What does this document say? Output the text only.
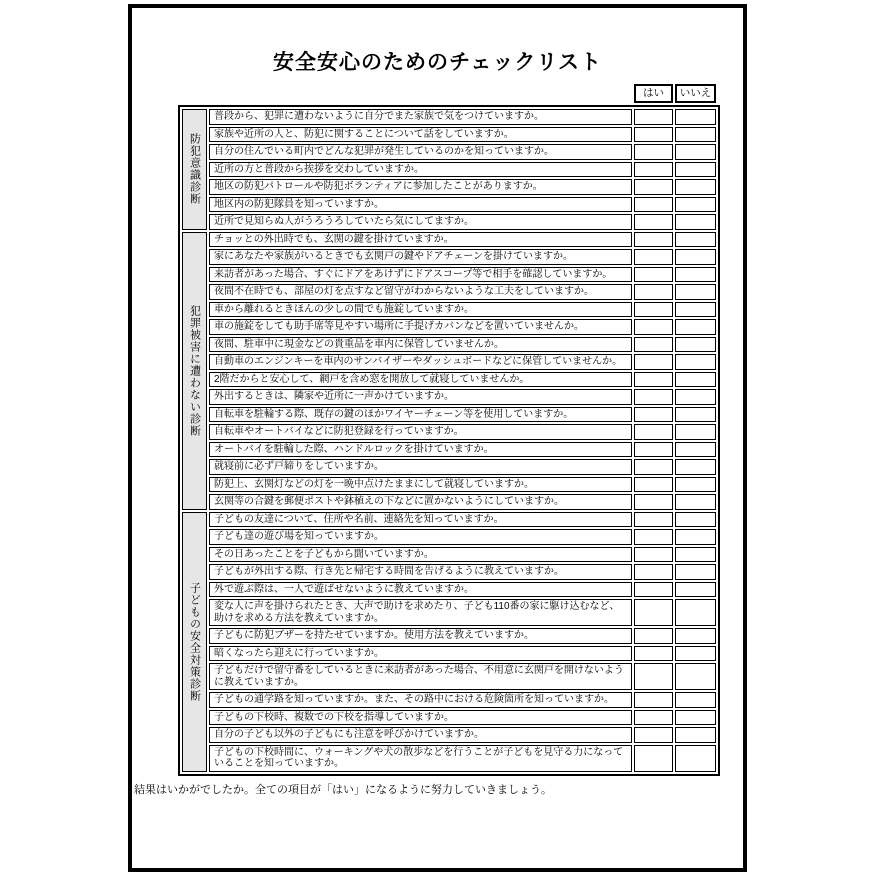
安全安心のためのチェックリスト
		はい	いいえ
防犯意識診断	普段から、犯罪に遭わないように自分でまた家族で気をつけていますか。		
	家族や近所の人と、防犯に関することについて話をしていますか。		
	自分の住んでいる町内でどんな犯罪が発生しているのかを知っていますか。		
	近所の方と普段から挨拶を交わしていますか。		
	地区の防犯パトロールや防犯ボランティアに参加したことがありますか。		
	地区内の防犯隊員を知っていますか。		
	近所で見知らぬ人がうろうろしていたら気にしてますか。		
犯罪被害に遭わない診断	チョッとの外出時でも、玄関の鍵を掛けていますか。		
	家にあなたや家族がいるときでも玄関戸の鍵やドアチェーンを掛けていますか。		
	来訪者があった場合、すぐにドアをあけずにドアスコープ等で相手を確認していますか。		
	夜間不在時でも、部屋の灯を点すなど留守がわからないような工夫をしていますか。		
	車から離れるときほんの少しの間でも施錠していますか。		
	車の施錠をしても助手席等見やすい場所に手提げカバンなどを置いていませんか。		
	夜間、駐車中に現金などの貴重品を車内に保管していませんか。		
	自動車のエンジンキーを車内のサンバイザーやダッシュボードなどに保管していませんか。		
	2階だからと安心して、網戸を含め窓を開放して就寝していませんか。		
	外出するときは、隣家や近所に一声かけていますか。		
	自転車を駐輪する際、既存の鍵のほかワイヤーチェーン等を使用していますか。		
	自転車やオートバイなどに防犯登録を行っていますか。		
	オートバイを駐輪した際、ハンドルロックを掛けていますか。		
	就寝前に必ず戸締りをしていますか。		
	防犯上、玄関灯などの灯を一晩中点けたままにして就寝していますか。		
	玄関等の合鍵を郵便ポストや鉢植えの下などに置かないようにしていますか。		
子どもの安全対策診断	子どもの友達について、住所や名前、連絡先を知っていますか。		
	子ども達の遊び場を知っていますか。		
	その日あったことを子どもから聞いていますか。		
	子どもが外出する際、行き先と帰宅する時間を告げるように教えていますか。		
	外で遊ぶ際は、一人で遊ばせないように教えていますか。		
	変な人に声を掛けられたとき、大声で助けを求めたり、子ども110番の家に駆け込むなど、助けを求める方法を教えていますか。		
	子どもに防犯ブザーを持たせていますか。使用方法を教えていますか。		
	暗くなったら迎えに行っていますか。		
	子どもだけで留守番をしているときに来訪者があった場合、不用意に玄関戸を開けないように教えていますか。		
	子どもの通学路を知っていますか。また、その路中における危険箇所を知っていますか。		
	子どもの下校時、複数での下校を指導していますか。		
	自分の子ども以外の子どもにも注意を呼びかけていますか。		
	子どもの下校時間に、ウォーキングや犬の散歩などを行うことが子どもを見守る力になっていることを知っていますか。		
結果はいかがでしたか。全ての項目が「はい」になるように努力していきましょう。
